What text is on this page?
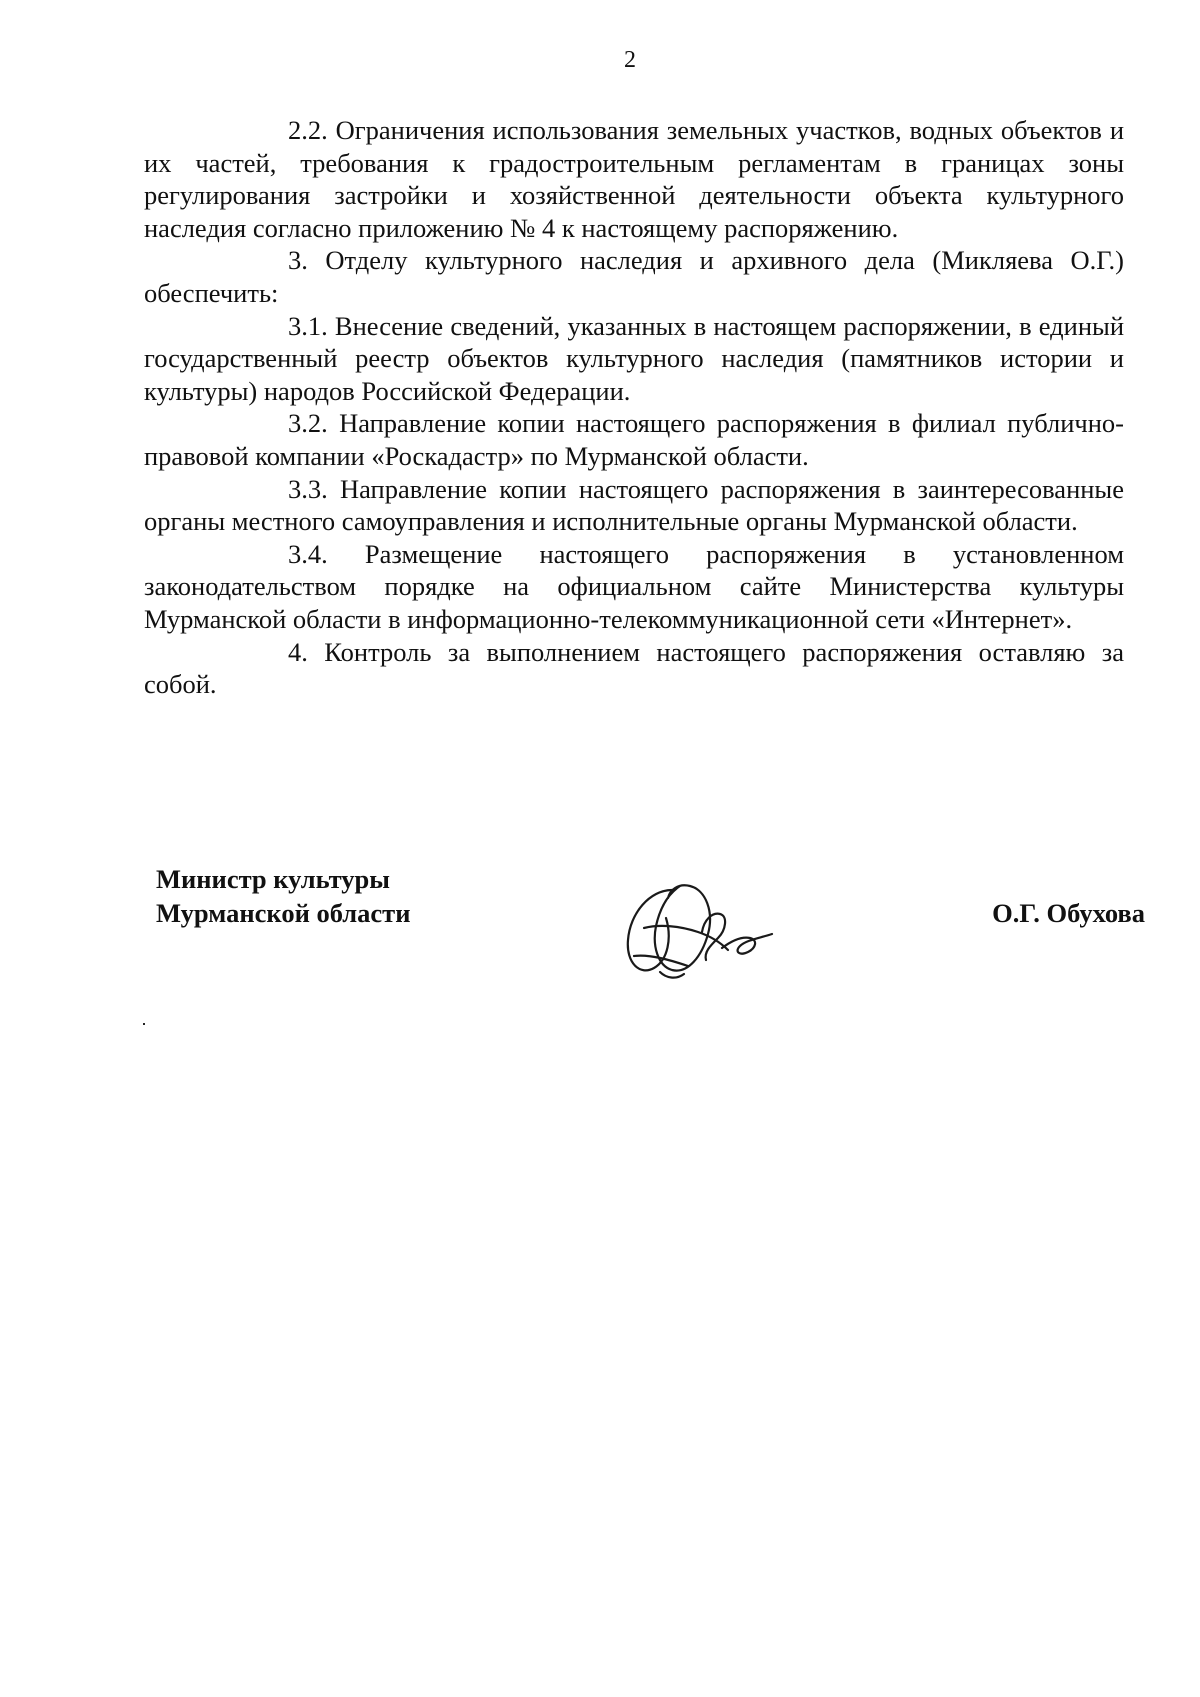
2

2.2. Ограничения использования земельных участков, водных объектов и их частей, требования к градостроительным регламентам в границах зоны регулирования застройки и хозяйственной деятельности объекта культурного наследия согласно приложению № 4 к настоящему распоряжению.

3. Отделу культурного наследия и архивного дела (Микляева О.Г.) обеспечить:

3.1. Внесение сведений, указанных в настоящем распоряжении, в единый государственный реестр объектов культурного наследия (памятников истории и культуры) народов Российской Федерации.

3.2. Направление копии настоящего распоряжения в филиал публично-правовой компании «Роскадастр» по Мурманской области.

3.3. Направление копии настоящего распоряжения в заинтересованные органы местного самоуправления и исполнительные органы Мурманской области.

3.4. Размещение настоящего распоряжения в установленном законодательством порядке на официальном сайте Министерства культуры Мурманской области в информационно-телекоммуникационной сети «Интернет».

4. Контроль за выполнением настоящего распоряжения оставляю за собой.

Министр культуры
Мурманской области	О.Г. Обухова
